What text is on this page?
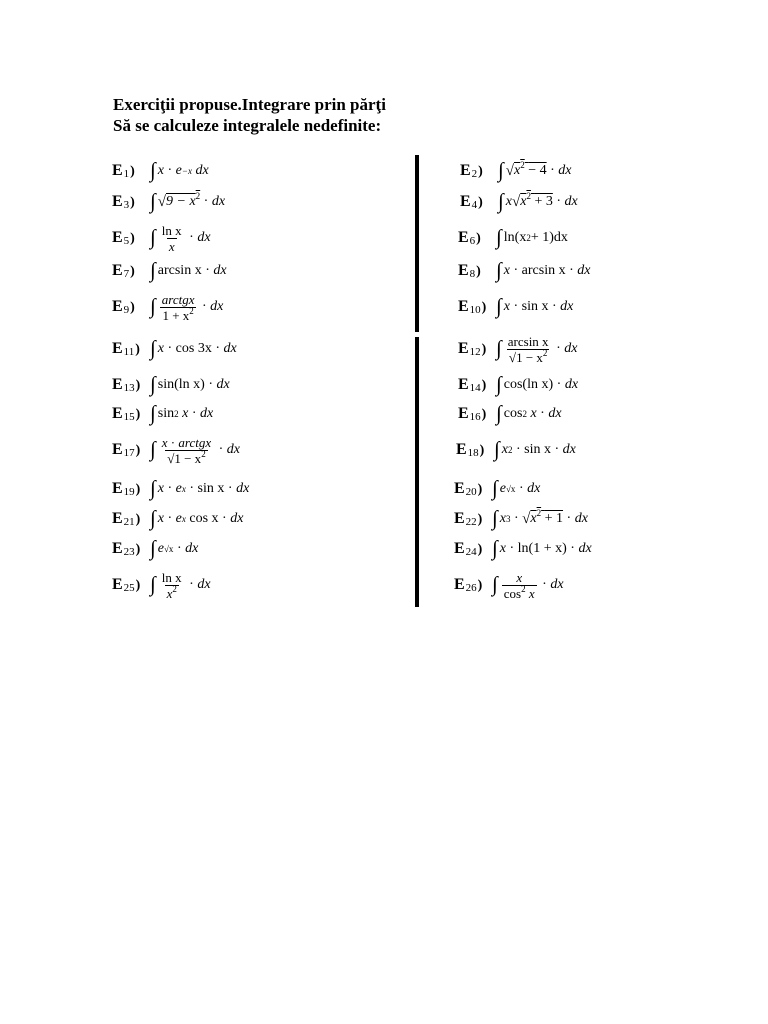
Exerciţii propuse.Integrare prin părţi
Să se calculeze integralele nedefinite:
E 1 ) ∫ x
·
e −x
dx	E 2 ) ∫ √ $x^2 - 4$
·
dx
E 3 ) ∫ √ $9 - x^2$
·
dx	E 4 ) ∫ x √ $x^2 + 3$
·
dx
E 5 ) ∫ $\frac{\text{ln x}}{x}$
·
dx	E 6 ) ∫ ln(x 2 + 1)dx
E 7 ) ∫ arcsin x
·
dx	E 8 ) ∫ x
·
arcsin x
·
dx
E 9 ) ∫ $\frac{\text{arctgx}}{1 + x^2}$
·
dx	E 10 ) ∫ x
·
sin x
·
dx
E 11 ) ∫ x
·
cos 3x
·
dx	E 12 ) ∫ $\frac{\text{arcsin x}}{√1 - x^2}$
·
dx
E 13 ) ∫ sin(ln x)
·
dx	E 14 ) ∫ cos(ln x)
·
dx
E 15 ) ∫ sin 2
x
·
dx	E 16 ) ∫ cos 2
x
·
dx
E 17 ) ∫ $\frac{\text{x · arctgx}}{√1 - x^2}$
·
dx	E 18 ) ∫ x 2
·
sin x
·
dx
E 19 ) ∫ x
·
e x
·
sin x
·
dx	E 20 ) ∫ e √x
·
dx
E 21 ) ∫ x
·
e x
cos x
·
dx	E 22 ) ∫ x 3
·
√ $x^2 + 1$
·
dx
E 23 ) ∫ e √x
·
dx	E 24 ) ∫ x
·
ln(1 + x)
·
dx
E 25 ) ∫ $\frac{\text{ln x}}{x^2}$
·
dx	E 26 ) ∫ $\frac{x}{\cos^2 x}$
·
dx
